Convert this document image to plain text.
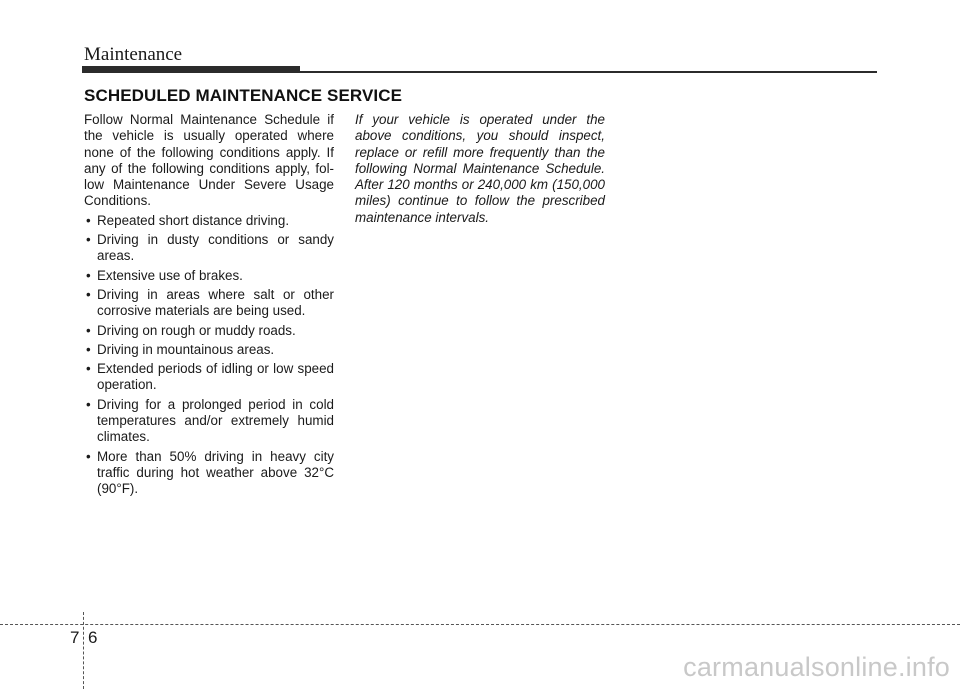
Maintenance
SCHEDULED MAINTENANCE SERVICE

Follow Normal Maintenance Schedule if the vehicle is usually operated where none of the following conditions apply. If any of the following conditions apply, fol-low Maintenance Under Severe Usage Conditions.

• Repeated short distance driving.
• Driving in dusty conditions or sandy areas.
• Extensive use of brakes.
• Driving in areas where salt or other corrosive materials are being used.
• Driving on rough or muddy roads.
• Driving in mountainous areas.
• Extended periods of idling or low speed operation.
• Driving for a prolonged period in cold temperatures and/or extremely humid climates.
• More than 50% driving in heavy city traffic during hot weather above 32°C (90°F).

If your vehicle is operated under the above conditions, you should inspect, replace or refill more frequently than the following Normal Maintenance Schedule. After 120 months or 240,000 km (150,000 miles) continue to follow the prescribed maintenance intervals.

7 6
carmanualsonline.info
